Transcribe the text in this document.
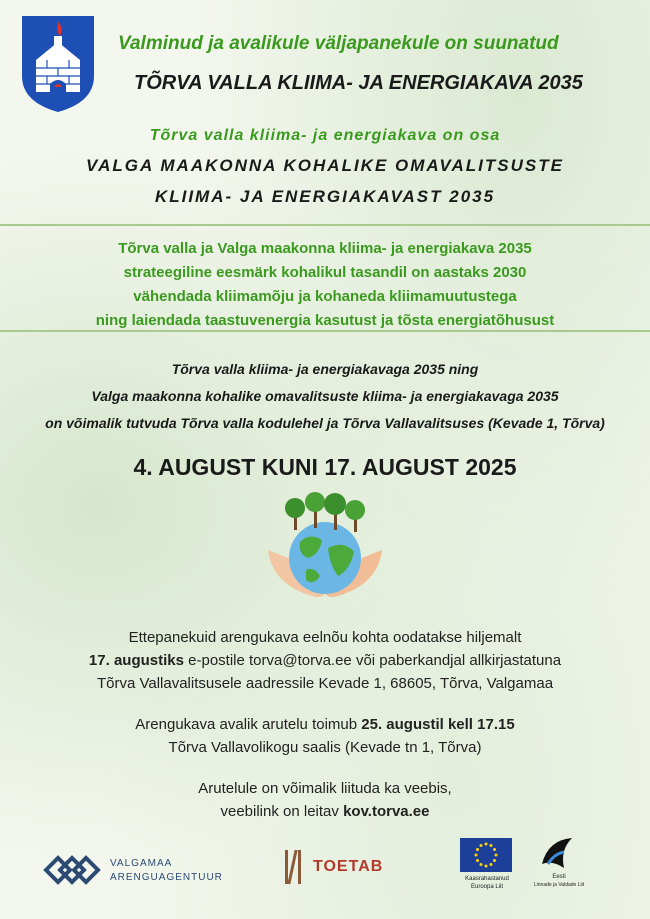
Valminud ja avalikule väljapanekule on suunatud
TÕRVA VALLA KLIIMA- JA ENERGIAKAVA 2035
Tõrva valla kliima- ja energiakava on osa
VALGA MAAKONNA KOHALIKE OMAVALITSUSTE
KLIIMA- JA ENERGIAKAVAST 2035
Tõrva valla ja Valga maakonna kliima- ja energiakava 2035
strateegiline eesmärk kohalikul tasandil on aastaks 2030
vähendada kliimamõju ja kohaneda kliimamuutustega
ning laiendada taastuvenergia kasutust ja tõsta energiatõhusust
Tõrva valla kliima- ja energiakavaga 2035 ning
Valga maakonna kohalike omavalitsuste kliima- ja energiakavaga 2035
on võimalik tutvuda Tõrva valla kodulehel ja Tõrva Vallavalitsuses (Kevade 1, Tõrva)
4. AUGUST KUNI 17. AUGUST 2025
Ettepanekuid arengukava eelnõu kohta oodatakse hiljemalt
17. augustiks e-postile torva@torva.ee või paberkandjal allkirjastatuna
Tõrva Vallavalitsusele aadressile Kevade 1, 68605, Tõrva, Valgamaa
Arengukava avalik arutelu toimub 25. augustil kell 17.15
Tõrva Vallavolikogu saalis (Kevade tn 1, Tõrva)
Arutelule on võimalik liituda ka veebis,
veebilink on leitav kov.torva.ee
VALGAMAA
ARENGUAGENTUUR
TOETAB
Kaasrahastanud
Euroopa Liit
Eesti
Linnade ja Valdade Liit
